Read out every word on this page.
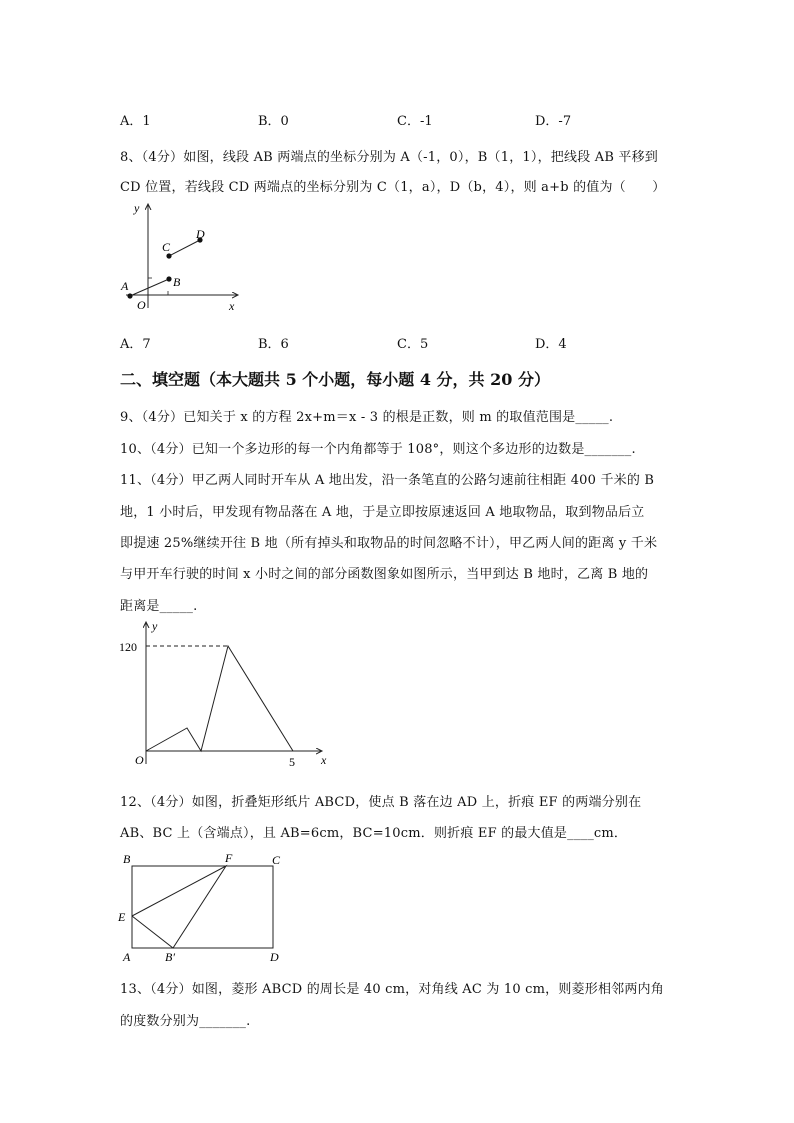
A．1	B．0	C．-1	D．-7
8、（4分）如图，线段 AB 两端点的坐标分别为 A（-1，0），B（1，1），把线段 AB 平移到
CD 位置，若线段 CD 两端点的坐标分别为 C（1，a），D（b，4），则 a+b 的值为（　　）
y
x
O
A	B
C
D
A．7	B．6	C．5	D．4
二、填空题（本大题共 5 个小题，每小题 4 分，共 20 分）
9、（4分）已知关于 x 的方程 2x+m＝x - 3 的根是正数，则 m 的取值范围是_____.
10、（4分）已知一个多边形的每一个内角都等于 108°，则这个多边形的边数是_______.
11、（4分）甲乙两人同时开车从 A 地出发，沿一条笔直的公路匀速前往相距 400 千米的 B
地，1 小时后，甲发现有物品落在 A 地，于是立即按原速返回 A 地取物品，取到物品后立
即提速 25%继续开往 B 地（所有掉头和取物品的时间忽略不计），甲乙两人间的距离 y 千米
与甲开车行驶的时间 x 小时之间的部分函数图象如图所示，当甲到达 B 地时，乙离 B 地的
距离是_____.
y
x
O
120
5
12、（4分）如图，折叠矩形纸片 ABCD，使点 B 落在边 AD 上，折痕 EF 的两端分别在
AB、BC 上（含端点），且 AB=6cm，BC=10cm．则折痕 EF 的最大值是____cm．
B	F	C
E
A	B′	D
13、（4分）如图，菱形 ABCD 的周长是 40 cm，对角线 AC 为 10 cm，则菱形相邻两内角
的度数分别为_______.
